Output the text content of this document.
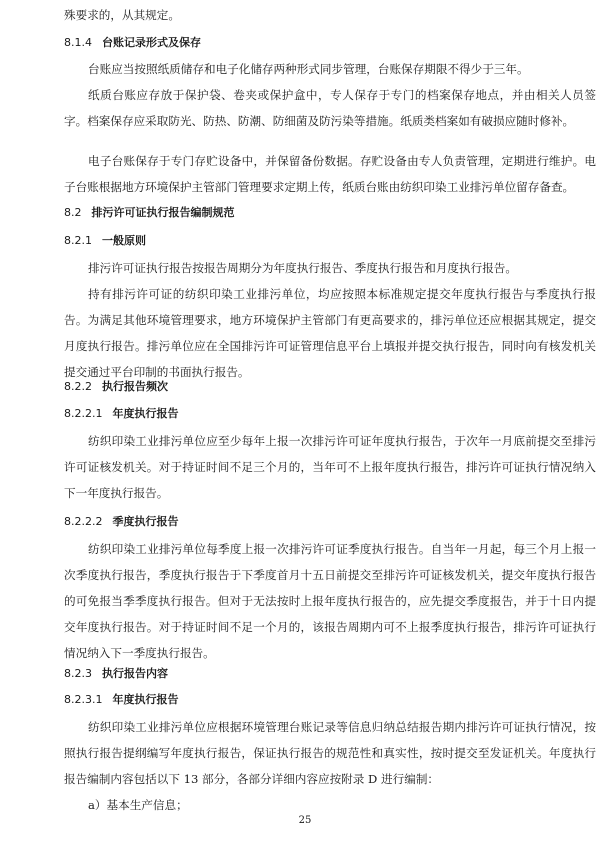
殊要求的，从其规定。
8.1.4 台账记录形式及保存
台账应当按照纸质储存和电子化储存两种形式同步管理，台账保存期限不得少于三年。
纸质台账应存放于保护袋、卷夹或保护盒中，专人保存于专门的档案保存地点，并由相关人员签字。档案保存应采取防光、防热、防潮、防细菌及防污染等措施。纸质类档案如有破损应随时修补。
电子台账保存于专门存贮设备中，并保留备份数据。存贮设备由专人负责管理，定期进行维护。电子台账根据地方环境保护主管部门管理要求定期上传，纸质台账由纺织印染工业排污单位留存备查。
8.2 排污许可证执行报告编制规范
8.2.1 一般原则
排污许可证执行报告按报告周期分为年度执行报告、季度执行报告和月度执行报告。
持有排污许可证的纺织印染工业排污单位，均应按照本标准规定提交年度执行报告与季度执行报告。为满足其他环境管理要求，地方环境保护主管部门有更高要求的，排污单位还应根据其规定，提交月度执行报告。排污单位应在全国排污许可证管理信息平台上填报并提交执行报告，同时向有核发机关提交通过平台印制的书面执行报告。
8.2.2 执行报告频次
8.2.2.1 年度执行报告
纺织印染工业排污单位应至少每年上报一次排污许可证年度执行报告，于次年一月底前提交至排污许可证核发机关。对于持证时间不足三个月的，当年可不上报年度执行报告，排污许可证执行情况纳入下一年度执行报告。
8.2.2.2 季度执行报告
纺织印染工业排污单位每季度上报一次排污许可证季度执行报告。自当年一月起，每三个月上报一次季度执行报告，季度执行报告于下季度首月十五日前提交至排污许可证核发机关，提交年度执行报告的可免报当季季度执行报告。但对于无法按时上报年度执行报告的，应先提交季度报告，并于十日内提交年度执行报告。对于持证时间不足一个月的，该报告周期内可不上报季度执行报告，排污许可证执行情况纳入下一季度执行报告。
8.2.3 执行报告内容
8.2.3.1 年度执行报告
纺织印染工业排污单位应根据环境管理台账记录等信息归纳总结报告期内排污许可证执行情况，按照执行报告提纲编写年度执行报告，保证执行报告的规范性和真实性，按时提交至发证机关。年度执行报告编制内容包括以下 13 部分，各部分详细内容应按附录 D 进行编制：
a）基本生产信息；
25
